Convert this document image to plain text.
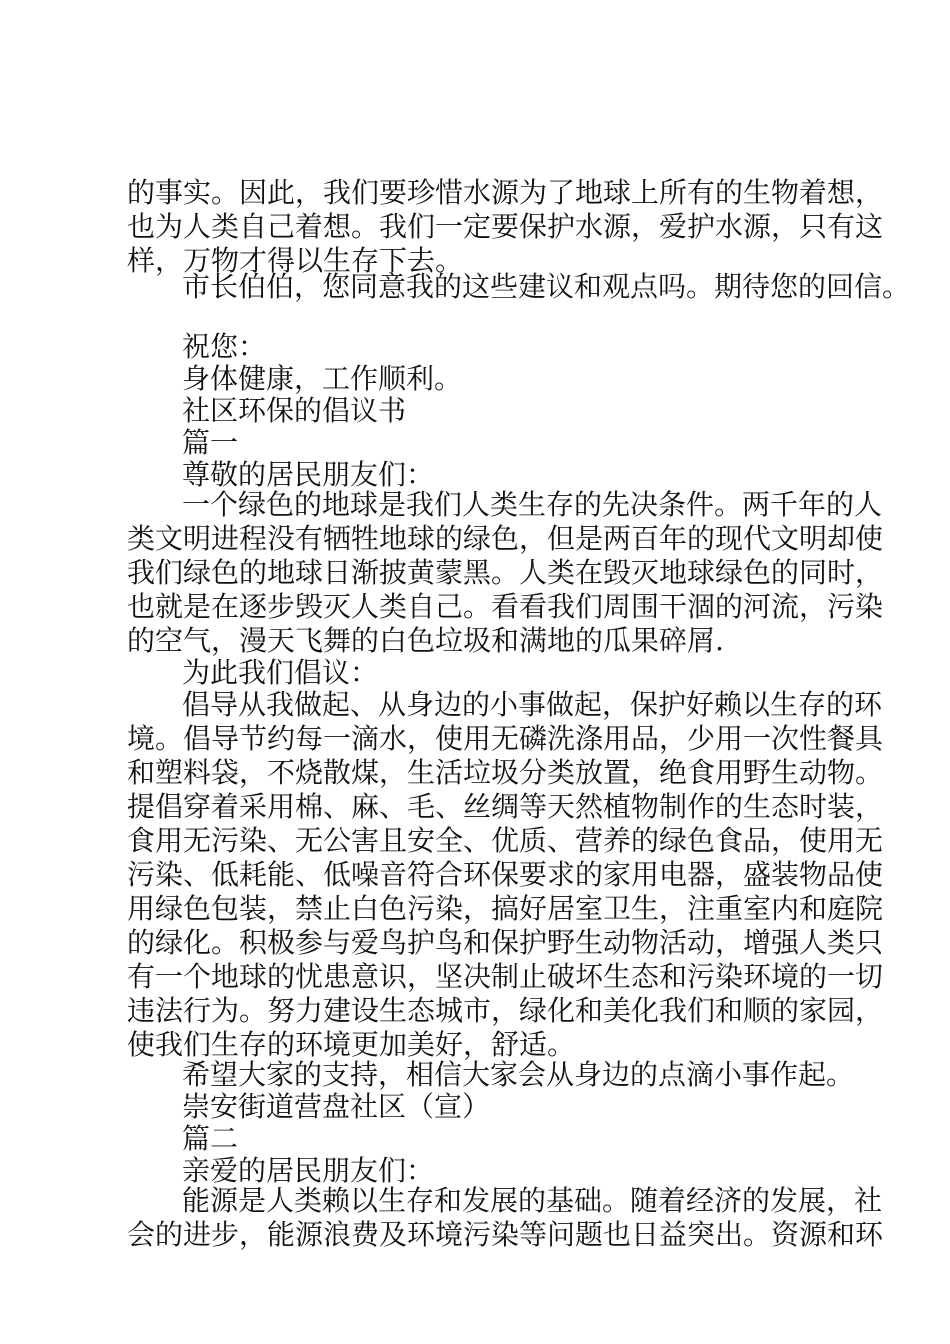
的事实。因此，我们要珍惜水源为了地球上所有的生物着想，
也为人类自己着想。我们一定要保护水源，爱护水源，只有这
样，万物才得以生存下去。
市长伯伯，您同意我的这些建议和观点吗。期待您的回信。
祝您：
身体健康，工作顺利。
社区环保的倡议书
篇一
尊敬的居民朋友们：
一个绿色的地球是我们人类生存的先决条件。两千年的人
类文明进程没有牺牲地球的绿色，但是两百年的现代文明却使
我们绿色的地球日渐披黄蒙黑。人类在毁灭地球绿色的同时，
也就是在逐步毁灭人类自己。看看我们周围干涸的河流，污染
的空气，漫天飞舞的白色垃圾和满地的瓜果碎屑.
为此我们倡议：
倡导从我做起、从身边的小事做起，保护好赖以生存的环
境。倡导节约每一滴水，使用无磷洗涤用品，少用一次性餐具
和塑料袋，不烧散煤，生活垃圾分类放置，绝食用野生动物。
提倡穿着采用棉、麻、毛、丝绸等天然植物制作的生态时装，
食用无污染、无公害且安全、优质、营养的绿色食品，使用无
污染、低耗能、低噪音符合环保要求的家用电器，盛装物品使
用绿色包装，禁止白色污染，搞好居室卫生，注重室内和庭院
的绿化。积极参与爱鸟护鸟和保护野生动物活动，增强人类只
有一个地球的忧患意识，坚决制止破坏生态和污染环境的一切
违法行为。努力建设生态城市，绿化和美化我们和顺的家园，
使我们生存的环境更加美好，舒适。
希望大家的支持，相信大家会从身边的点滴小事作起。
崇安街道营盘社区（宣）
篇二
亲爱的居民朋友们：
能源是人类赖以生存和发展的基础。随着经济的发展，社
会的进步，能源浪费及环境污染等问题也日益突出。资源和环
